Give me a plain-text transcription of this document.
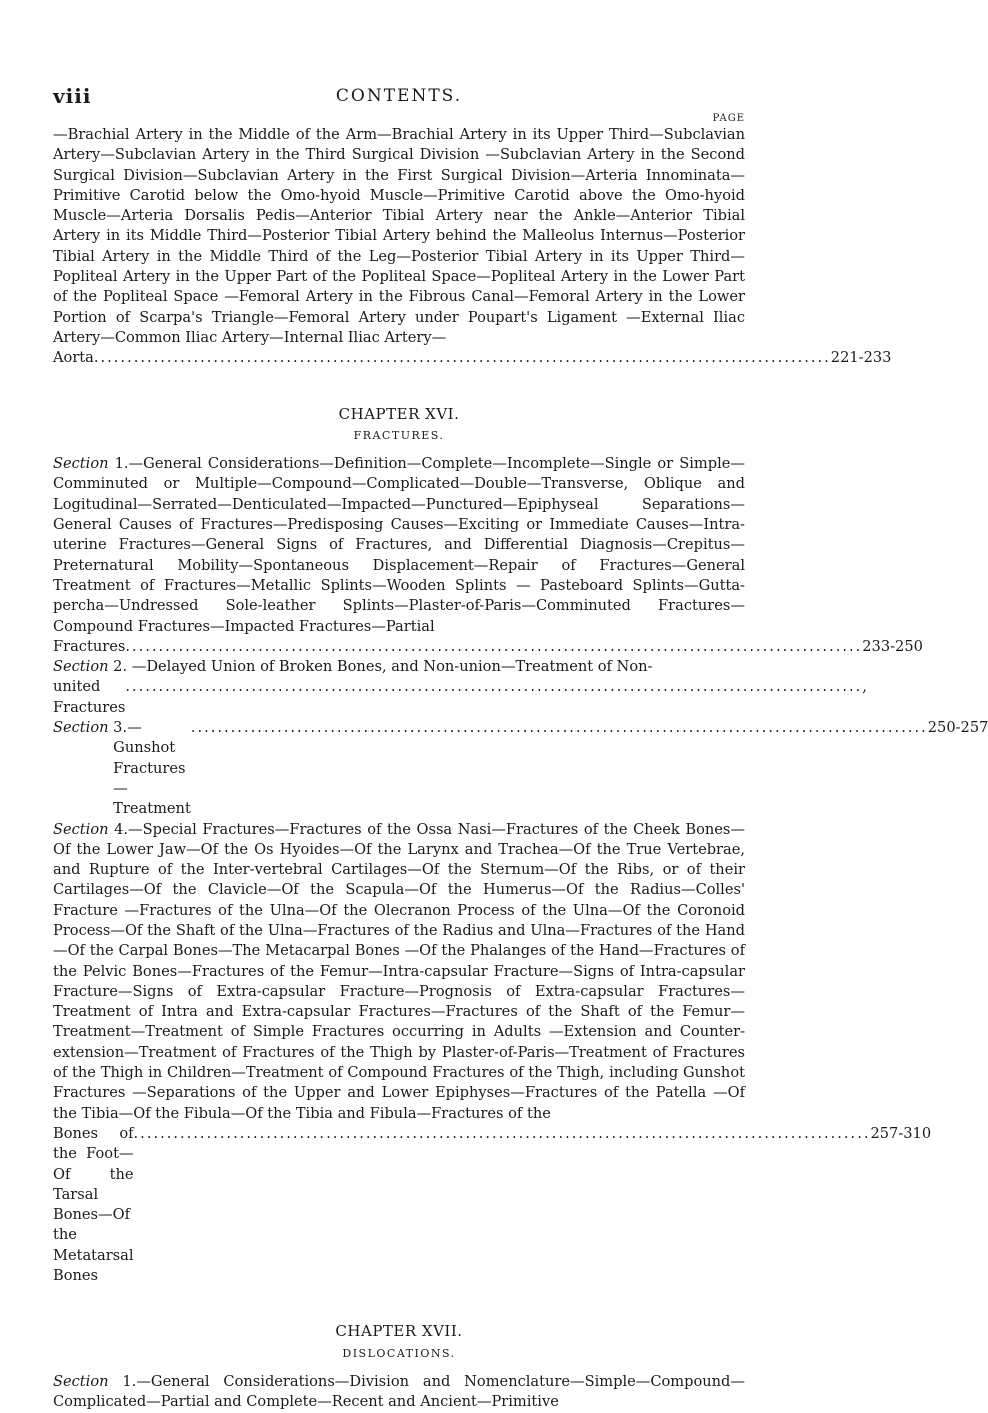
viii	CONTENTS.
PAGE

—Brachial Artery in the Middle of the Arm—Brachial Artery in its Upper Third—Subclavian Artery—Subclavian Artery in the Third Surgical Division —Subclavian Artery in the Second Surgical Division—Subclavian Artery in the First Surgical Division—Arteria Innominata—Primitive Carotid below the Omo-hyoid Muscle—Primitive Carotid above the Omo-hyoid Muscle—Arteria Dorsalis Pedis—Anterior Tibial Artery near the Ankle—Anterior Tibial Artery in its Middle Third—Posterior Tibial Artery behind the Malleolus Internus—Posterior Tibial Artery in the Middle Third of the Leg—Posterior Tibial Artery in its Upper Third—Popliteal Artery in the Upper Part of the Popliteal Space—Popliteal Artery in the Lower Part of the Popliteal Space —Femoral Artery in the Fibrous Canal—Femoral Artery in the Lower Portion of Scarpa's Triangle—Femoral Artery under Poupart's Ligament —External Iliac Artery—Common Iliac Artery—Internal Iliac Artery—
Aorta ............................................................................................................... 221-233

CHAPTER XVI.
FRACTURES.

Section 1.—General Considerations—Definition—Complete—Incomplete—Single or Simple—Comminuted or Multiple—Compound—Complicated—Double—Transverse, Oblique and Logitudinal—Serrated—Denticulated—Impacted—Punctured—Epiphyseal Separations—General Causes of Fractures—Predisposing Causes—Exciting or Immediate Causes—Intra-uterine Fractures—General Signs of Fractures, and Differential Diagnosis—Crepitus—Preternatural Mobility—Spontaneous Displacement—Repair of Fractures—General Treatment of Fractures—Metallic Splints—Wooden Splints — Pasteboard Splints—Gutta-percha—Undressed Sole-leather Splints—Plaster-of-Paris—Comminuted Fractures—Compound Fractures—Impacted Fractures—Partial
Fractures ............................................................................................................... 233-250

Section 2. —Delayed Union of Broken Bones, and Non-union—Treatment of Non-
united Fractures
............................................................................................................... ,

Section
3.—Gunshot Fractures—Treatment
............................................................................................................... 250-257

Section 4.—Special Fractures—Fractures of the Ossa Nasi—Fractures of the Cheek Bones—Of the Lower Jaw—Of the Os Hyoides—Of the Larynx and Trachea—Of the True Vertebrae, and Rupture of the Inter-vertebral Cartilages—Of the Sternum—Of the Ribs, or of their Cartilages—Of the Clavicle—Of the Scapula—Of the Humerus—Of the Radius—Colles' Fracture —Fractures of the Ulna—Of the Olecranon Process of the Ulna—Of the Coronoid Process—Of the Shaft of the Ulna—Fractures of the Radius and Ulna—Fractures of the Hand—Of the Carpal Bones—The Metacarpal Bones —Of the Phalanges of the Hand—Fractures of the Pelvic Bones—Fractures of the Femur—Intra-capsular Fracture—Signs of Intra-capsular Fracture—Signs of Extra-capsular Fracture—Prognosis of Extra-capsular Fractures—Treatment of Intra and Extra-capsular Fractures—Fractures of the Shaft of the Femur—Treatment—Treatment of Simple Fractures occurring in Adults —Extension and Counter-extension—Treatment of Fractures of the Thigh by Plaster-of-Paris—Treatment of Fractures of the Thigh in Children—Treatment of Compound Fractures of the Thigh, including Gunshot Fractures —Separations of the Upper and Lower Epiphyses—Fractures of the Patella —Of the Tibia—Of the Fibula—Of the Tibia and Fibula—Fractures of the
Bones of the Foot—Of the Tarsal Bones—Of the Metatarsal Bones
............................................................................................................... 257-310

CHAPTER XVII.
DISLOCATIONS.

Section 1.—General Considerations—Division and Nomenclature—Simple—Compound—Complicated—Partial and Complete—Recent and Ancient—Primitive
